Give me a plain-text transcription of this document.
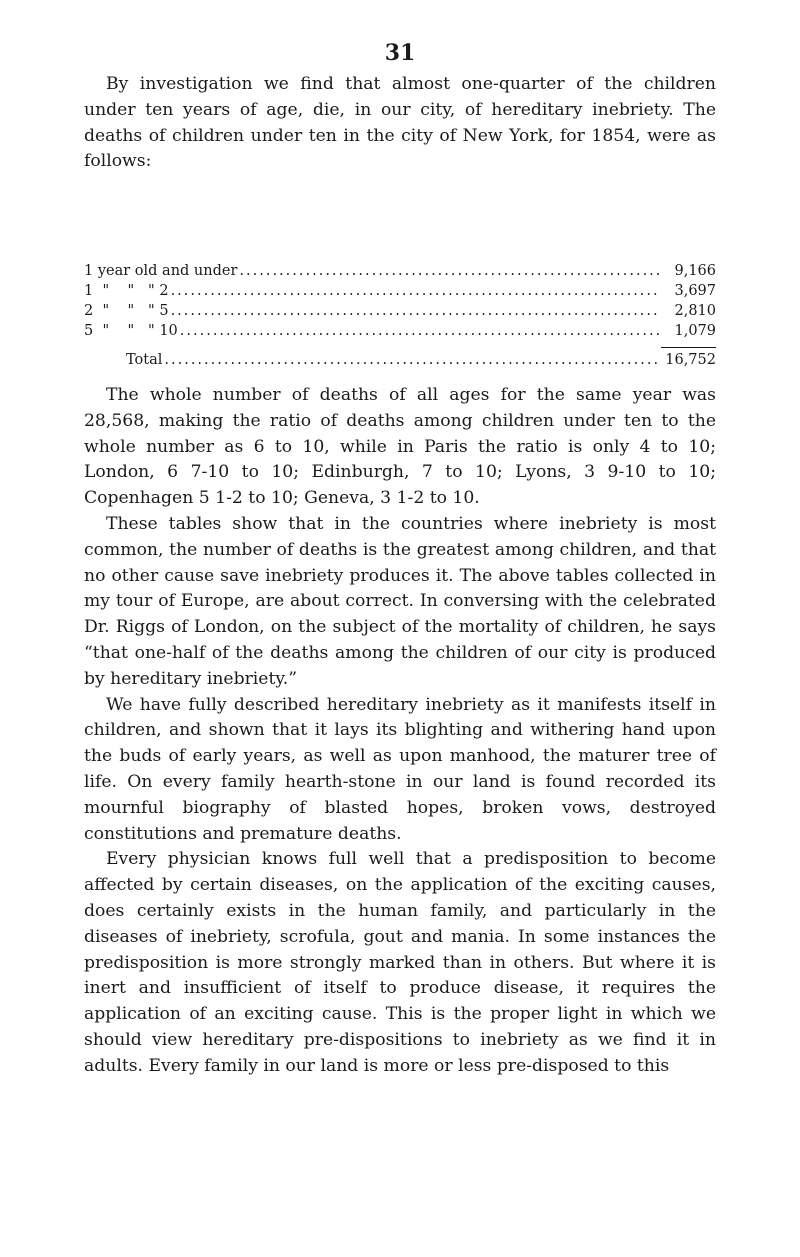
31

By investigation we find that almost one-quarter of the children under ten years of age, die, in our city, of hereditary inebriety. The deaths of children under ten in the city of New York, for 1854, were as follows:

1 year old and under .....	9,166
1  "    "   " 2 .....	3,697
2  "    "   " 5 .....	2,810
5  "    "   " 10 .....	1,079
Total .....	16,752

The whole number of deaths of all ages for the same year was 28,568, making the ratio of deaths among children under ten to the whole number as 6 to 10, while in Paris the ratio is only 4 to 10; London, 6 7-10 to 10; Edinburgh, 7 to 10; Lyons, 3 9-10 to 10; Copenhagen 5 1-2 to 10; Geneva, 3 1-2 to 10.

These tables show that in the countries where inebriety is most common, the number of deaths is the greatest among children, and that no other cause save inebriety produces it. The above tables collected in my tour of Europe, are about correct. In conversing with the celebrated Dr. Riggs of London, on the subject of the mortality of children, he says “that one-half of the deaths among the children of our city is produced by hereditary inebriety.”

We have fully described hereditary inebriety as it manifests itself in children, and shown that it lays its blighting and withering hand upon the buds of early years, as well as upon manhood, the maturer tree of life. On every family hearth-stone in our land is found recorded its mournful biography of blasted hopes, broken vows, destroyed constitutions and premature deaths.

Every physician knows full well that a predisposition to become affected by certain diseases, on the application of the exciting causes, does certainly exists in the human family, and particularly in the diseases of inebriety, scrofula, gout and mania. In some instances the predisposition is more strongly marked than in others. But where it is inert and insufficient of itself to produce disease, it requires the application of an exciting cause. This is the proper light in which we should view hereditary pre-dispositions to inebriety as we find it in adults. Every family in our land is more or less pre-disposed to this
